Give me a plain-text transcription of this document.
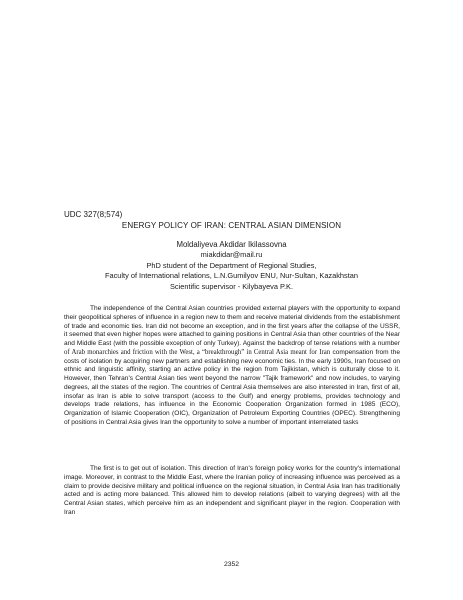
UDC 327(8;574)
ENERGY POLICY OF IRAN: CENTRAL ASIAN DIMENSION
Moldaliyeva Akdidar Ikilassovna
miakdidar@mail.ru
PhD student of the Department of Regional Studies,
Faculty of International relations, L.N.Gumilyov ENU, Nur-Sultan, Kazakhstan
Scientific supervisor - Kilybayeva P.K.

The independence of the Central Asian countries provided external players with the opportunity to expand their geopolitical spheres of influence in a region new to them and receive material dividends from the establishment of trade and economic ties. Iran did not become an exception, and in the first years after the collapse of the USSR, it seemed that even higher hopes were attached to gaining positions in Central Asia than other countries of the Near and Middle East (with the possible exception of only Turkey). Against the backdrop of tense relations with a number of Arab monarchies and friction with the West, a “breakthrough” in Central Asia meant for Iran compensation from the costs of isolation by acquiring new partners and establishing new economic ties. In the early 1990s, Iran focused on ethnic and linguistic affinity, starting an active policy in the region from Tajikistan, which is culturally close to it. However, then Tehran's Central Asian ties went beyond the narrow "Tajik framework" and now includes, to varying degrees, all the states of the region. The countries of Central Asia themselves are also interested in Iran, first of all, insofar as Iran is able to solve transport (access to the Gulf) and energy problems, provides technology and develops trade relations, has influence in the Economic Cooperation Organization formed in 1985 (ECO), Organization of Islamic Cooperation (OIC), Organization of Petroleum Exporting Countries (OPEC). Strengthening of positions in Central Asia gives Iran the opportunity to solve a number of important interrelated tasks

The first is to get out of isolation. This direction of Iran's foreign policy works for the country's international image. Moreover, in contrast to the Middle East, where the Iranian policy of increasing influence was perceived as a claim to provide decisive military and political influence on the regional situation, in Central Asia Iran has traditionally acted and is acting more balanced. This allowed him to develop relations (albeit to varying degrees) with all the Central Asian states, which perceive him as an independent and significant player in the region. Cooperation with Iran

2352
